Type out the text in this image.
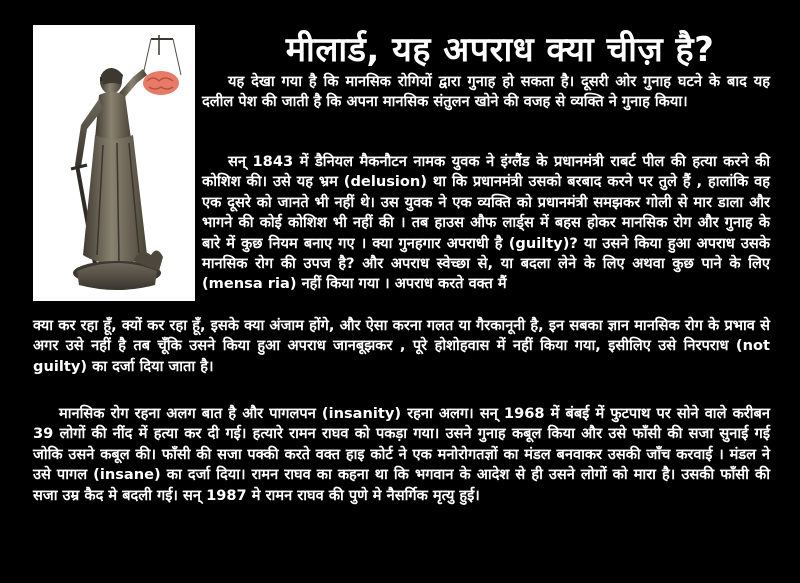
मीलार्ड, यह अपराध क्या चीज़ है?

यह देखा गया है कि मानसिक रोगियों द्वारा गुनाह हो सकता है। दूसरी ओर गुनाह घटने के बाद यह दलील पेश की जाती है कि अपना मानसिक संतुलन खोने की वजह से व्यक्ति ने गुनाह किया।

सन् 1843 में डैनियल मैकनौटन नामक युवक ने इंग्लैंड के प्रधानमंत्री राबर्ट पील की हत्या करने की कोशिश की। उसे यह भ्रम (delusion) था कि प्रधानमंत्री उसको बरबाद करने पर तुले हैं , हालांकि वह एक दूसरे को जानते भी नहीं थे। उस युवक ने एक व्यक्ति को प्रधानमंत्री समझकर गोली से मार डाला और भागने की कोई कोशिश भी नहीं की । तब हाउस औफ लार्ड्स में बहस होकर मानसिक रोग और गुनाह के बारे में कुछ नियम बनाए गए । क्या गुनहगार अपराधी है (guilty)? या उसने किया हुआ अपराध उसके मानसिक रोग की उपज है? और अपराध स्वेच्छा से, या बदला लेने के लिए अथवा कुछ पाने के लिए (mensa ria) नहीं किया गया । अपराध करते वक्त मैं

क्या कर रहा हूँ, क्यों कर रहा हूँ, इसके क्या अंजाम होंगे, और ऐसा करना गलत या गैरकानूनी है, इन सबका ज्ञान मानसिक रोग के प्रभाव से अगर उसे नहीं है तब चूँकि उसने किया हुआ अपराध जानबूझकर , पूरे होशोहवास में नहीं किया गया, इसीलिए उसे निरपराध (not guilty) का दर्जा दिया जाता है।

मानसिक रोग रहना अलग बात है और पागलपन (insanity) रहना अलग। सन् 1968 में बंबई में फुटपाथ पर सोने वाले करीबन 39 लोगों की नींद में हत्या कर दी गई। हत्यारे रामन राघव को पकड़ा गया। उसने गुनाह कबूल किया और उसे फाँसी की सजा सुनाई गई जोकि उसने कबूल की। फाँसी की सजा पक्की करते वक्त हाइ कोर्ट ने एक मनोरोगतज्ञों का मंडल बनवाकर उसकी जाँच करवाई । मंडल ने उसे पागल (insane) का दर्जा दिया। रामन राघव का कहना था कि भगवान के आदेश से ही उसने लोगों को मारा है। उसकी फाँसी की सजा उम्र कैद मे बदली गई। सन् 1987 मे रामन राघव की पुणे मे नैसर्गिक मृत्यु हुई।
